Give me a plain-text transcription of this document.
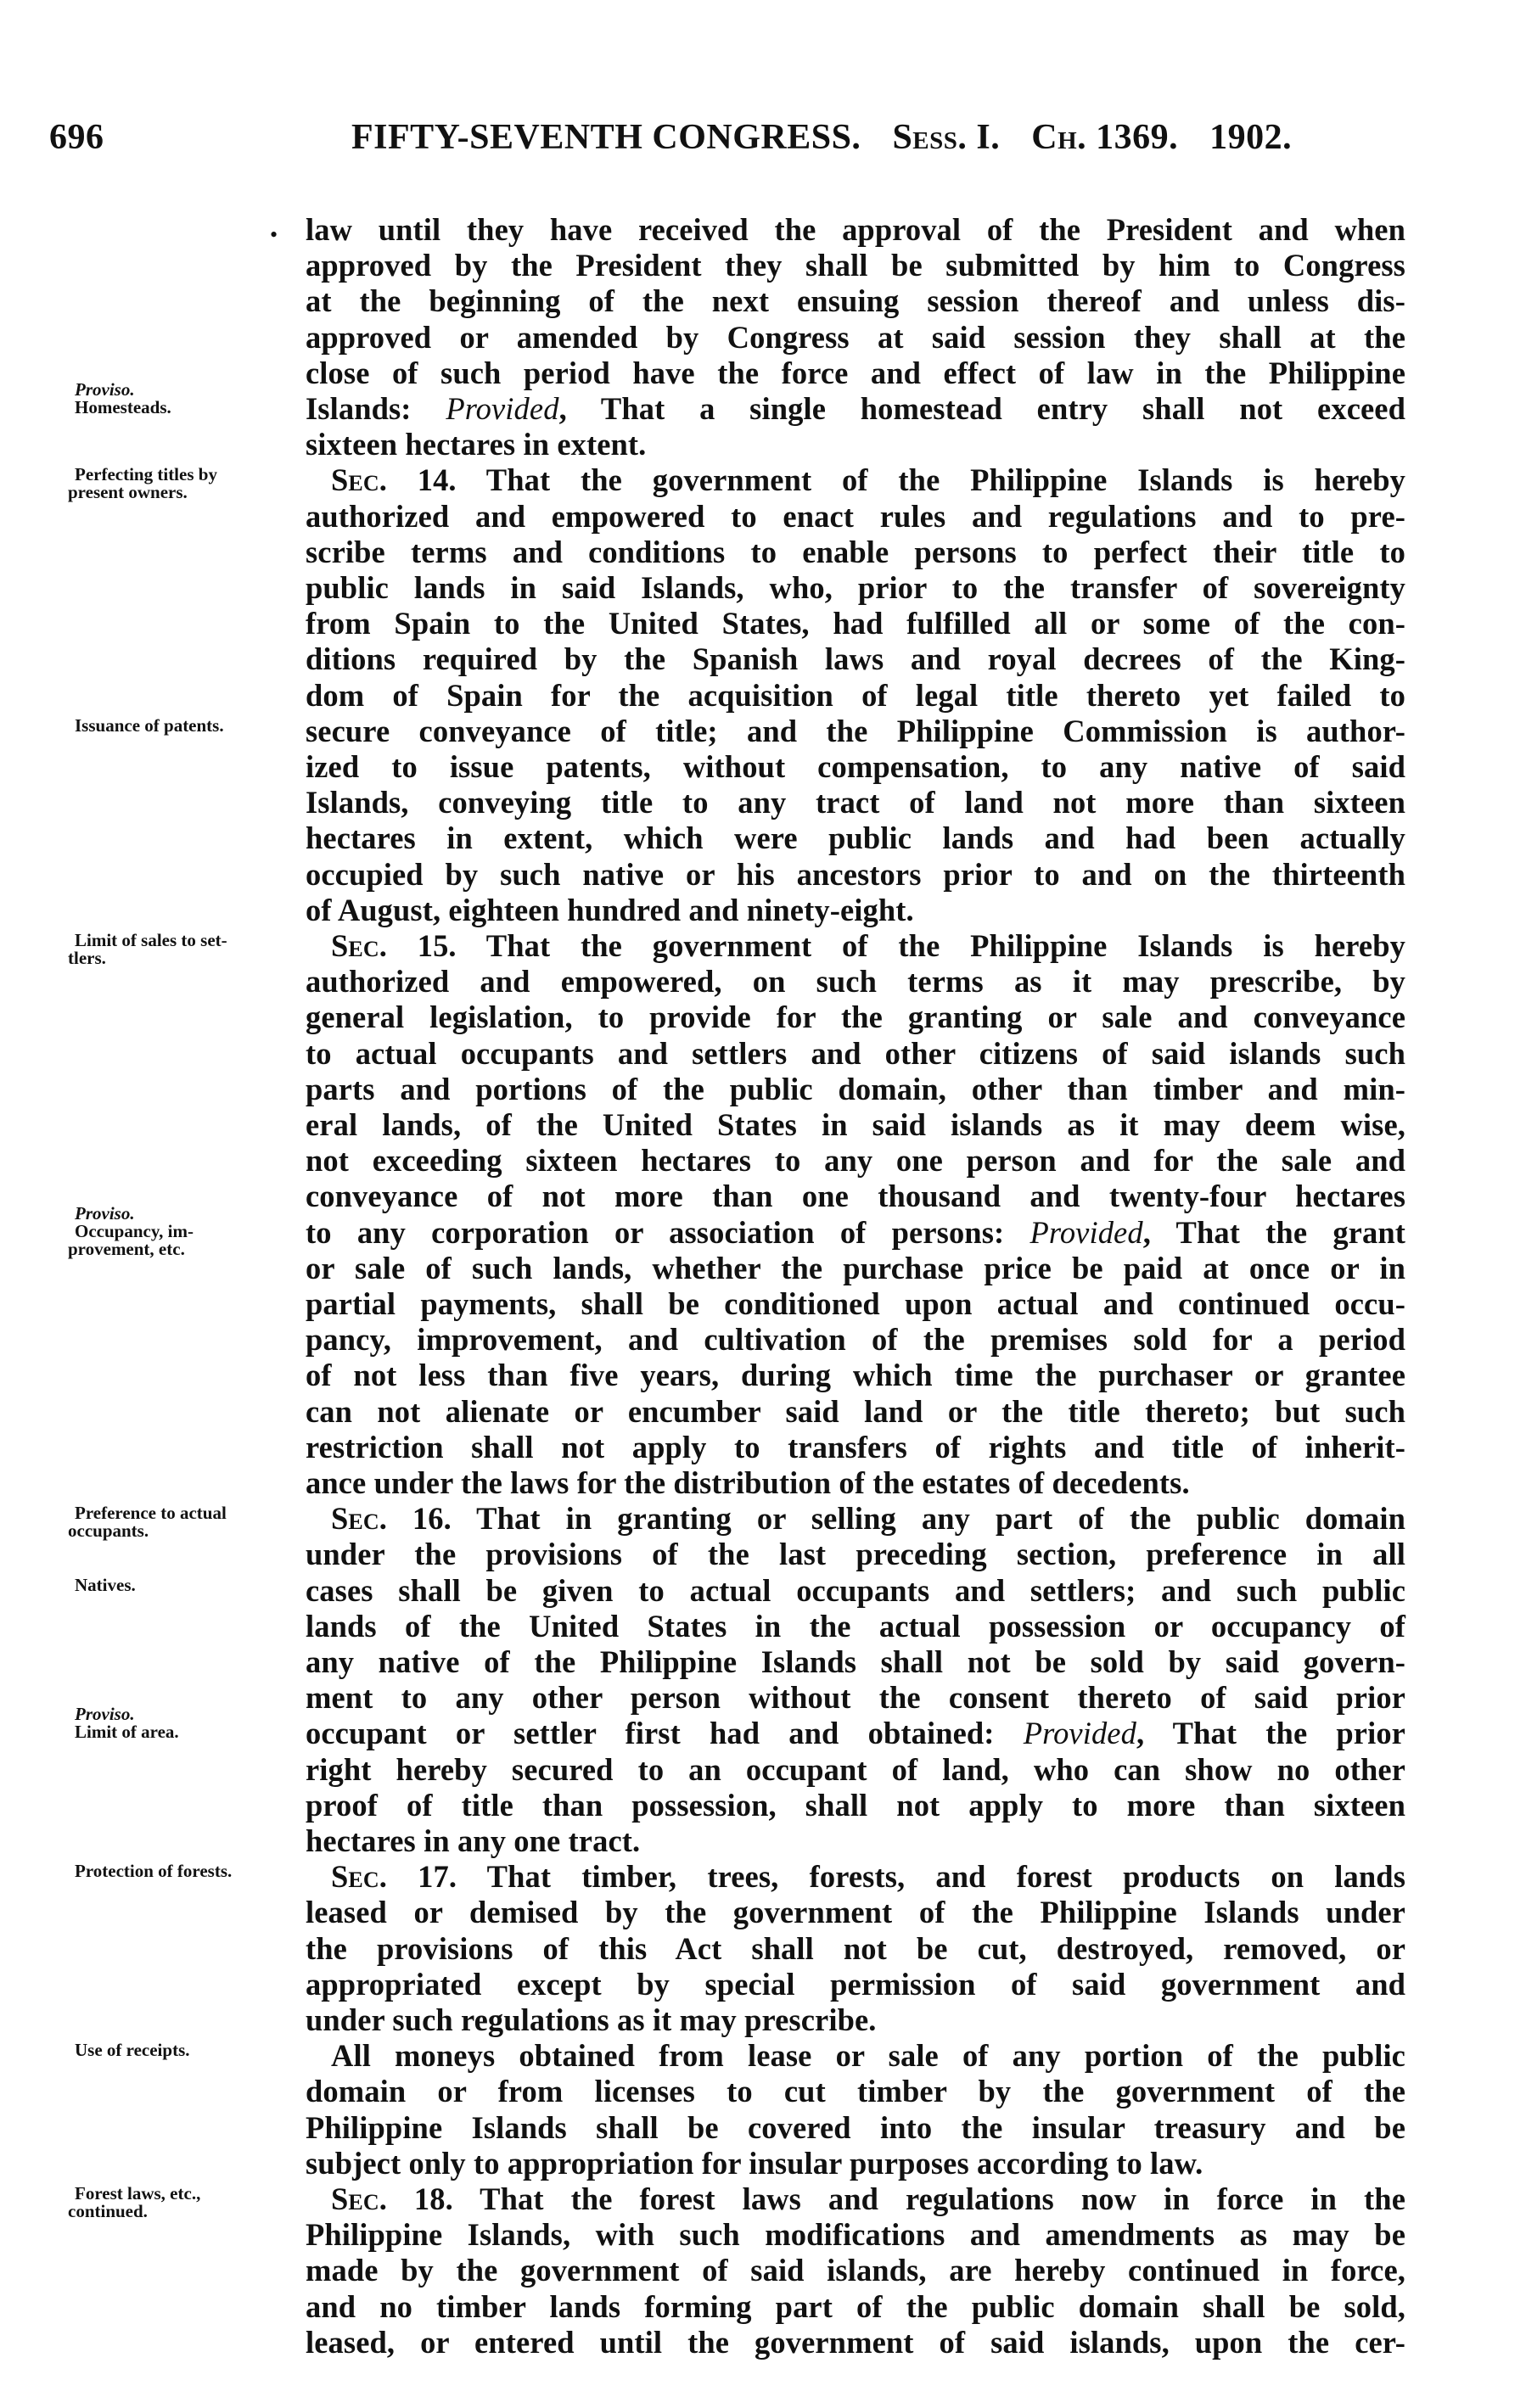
696	FIFTY-SEVENTH CONGRESS. Sess. I. Ch. 1369. 1902.
• law until they have received the approval of the President and when
approved by the President they shall be submitted by him to Congress
at the beginning of the next ensuing session thereof and unless dis-
approved or amended by Congress at said session they shall at the
close of such period have the force and effect of law in the Philippine
Islands: Provided, That a single homestead entry shall not exceed
sixteen hectares in extent.
Sec. 14. That the government of the Philippine Islands is hereby
authorized and empowered to enact rules and regulations and to pre-
scribe terms and conditions to enable persons to perfect their title to
public lands in said Islands, who, prior to the transfer of sovereignty
from Spain to the United States, had fulfilled all or some of the con-
ditions required by the Spanish laws and royal decrees of the King-
dom of Spain for the acquisition of legal title thereto yet failed to
secure conveyance of title; and the Philippine Commission is author-
ized to issue patents, without compensation, to any native of said
Islands, conveying title to any tract of land not more than sixteen
hectares in extent, which were public lands and had been actually
occupied by such native or his ancestors prior to and on the thirteenth
of August, eighteen hundred and ninety-eight.
Sec. 15. That the government of the Philippine Islands is hereby
authorized and empowered, on such terms as it may prescribe, by
general legislation, to provide for the granting or sale and conveyance
to actual occupants and settlers and other citizens of said islands such
parts and portions of the public domain, other than timber and min-
eral lands, of the United States in said islands as it may deem wise,
not exceeding sixteen hectares to any one person and for the sale and
conveyance of not more than one thousand and twenty-four hectares
to any corporation or association of persons: Provided, That the grant
or sale of such lands, whether the purchase price be paid at once or in
partial payments, shall be conditioned upon actual and continued occu-
pancy, improvement, and cultivation of the premises sold for a period
of not less than five years, during which time the purchaser or grantee
can not alienate or encumber said land or the title thereto; but such
restriction shall not apply to transfers of rights and title of inherit-
ance under the laws for the distribution of the estates of decedents.
Sec. 16. That in granting or selling any part of the public domain
under the provisions of the last preceding section, preference in all
cases shall be given to actual occupants and settlers; and such public
lands of the United States in the actual possession or occupancy of
any native of the Philippine Islands shall not be sold by said govern-
ment to any other person without the consent thereto of said prior
occupant or settler first had and obtained: Provided, That the prior
right hereby secured to an occupant of land, who can show no other
proof of title than possession, shall not apply to more than sixteen
hectares in any one tract.
Sec. 17. That timber, trees, forests, and forest products on lands
leased or demised by the government of the Philippine Islands under
the provisions of this Act shall not be cut, destroyed, removed, or
appropriated except by special permission of said government and
under such regulations as it may prescribe.
All moneys obtained from lease or sale of any portion of the public
domain or from licenses to cut timber by the government of the
Philippine Islands shall be covered into the insular treasury and be
subject only to appropriation for insular purposes according to law.
Sec. 18. That the forest laws and regulations now in force in the
Philippine Islands, with such modifications and amendments as may be
made by the government of said islands, are hereby continued in force,
and no timber lands forming part of the public domain shall be sold,
leased, or entered until the government of said islands, upon the cer-
Proviso.
Homesteads.
Perfecting titles by
present owners.
Issuance of patents.
Limit of sales to set-
tlers.
Proviso.
Occupancy, im-
provement, etc.
Preference to actual
occupants.
Natives.
Proviso.
Limit of area.
Protection of forests.
Use of receipts.
Forest laws, etc.,
continued.
